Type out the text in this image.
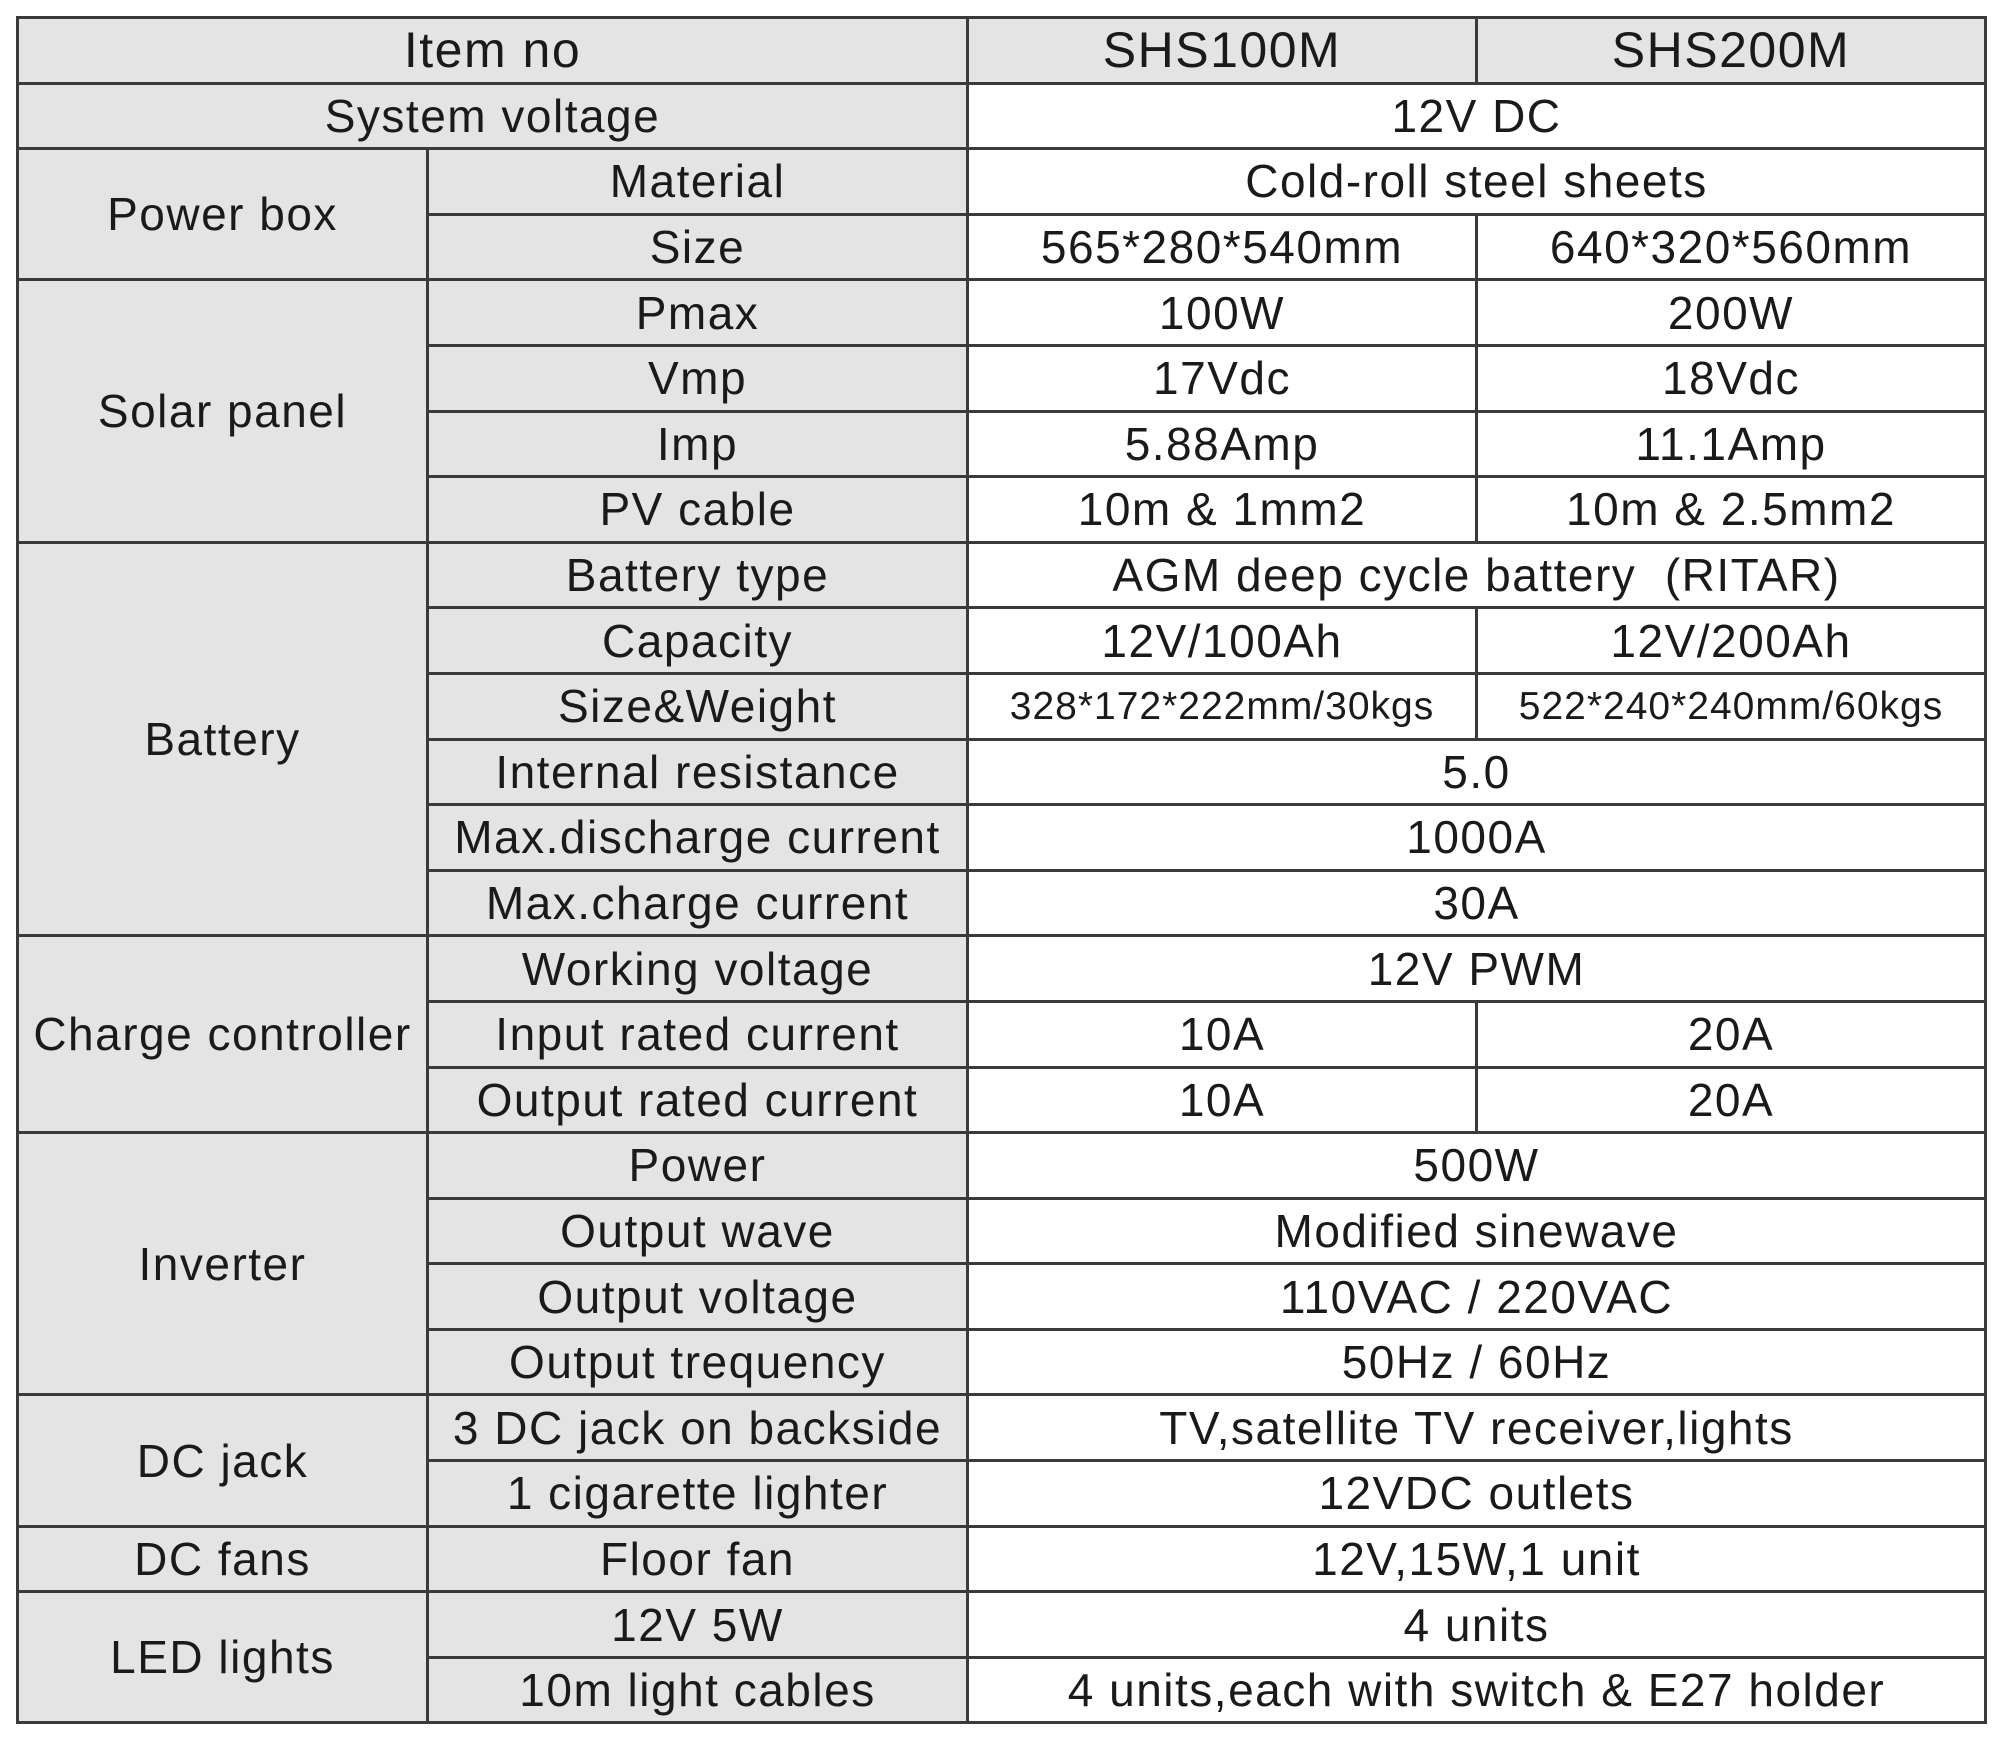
Item no		SHS100M	SHS200M
System voltage		12V DC	
Power box	Material	Cold-roll steel sheets	
	Size	565*280*540mm	640*320*560mm
Solar panel	Pmax	100W	200W
	Vmp	17Vdc	18Vdc
	Imp	5.88Amp	11.1Amp
	PV cable	10m & 1mm2	10m & 2.5mm2
Battery	Battery type	AGM deep cycle battery  (RITAR)	
	Capacity	12V/100Ah	12V/200Ah
	Size&Weight	328*172*222mm/30kgs	522*240*240mm/60kgs
	Internal resistance	5.0	
	Max.discharge current	1000A	
	Max.charge current	30A	
Charge controller	Working voltage	12V PWM	
	Input rated current	10A	20A
	Output rated current	10A	20A
Inverter	Power	500W	
	Output wave	Modified sinewave	
	Output voltage	110VAC / 220VAC	
	Output trequency	50Hz / 60Hz	
DC jack	3 DC jack on backside	TV,satellite TV receiver,lights	
	1 cigarette lighter	12VDC outlets	
DC fans	Floor fan	12V,15W,1 unit	
LED lights	12V 5W	4 units	
	10m light cables	4 units,each with switch & E27 holder	
